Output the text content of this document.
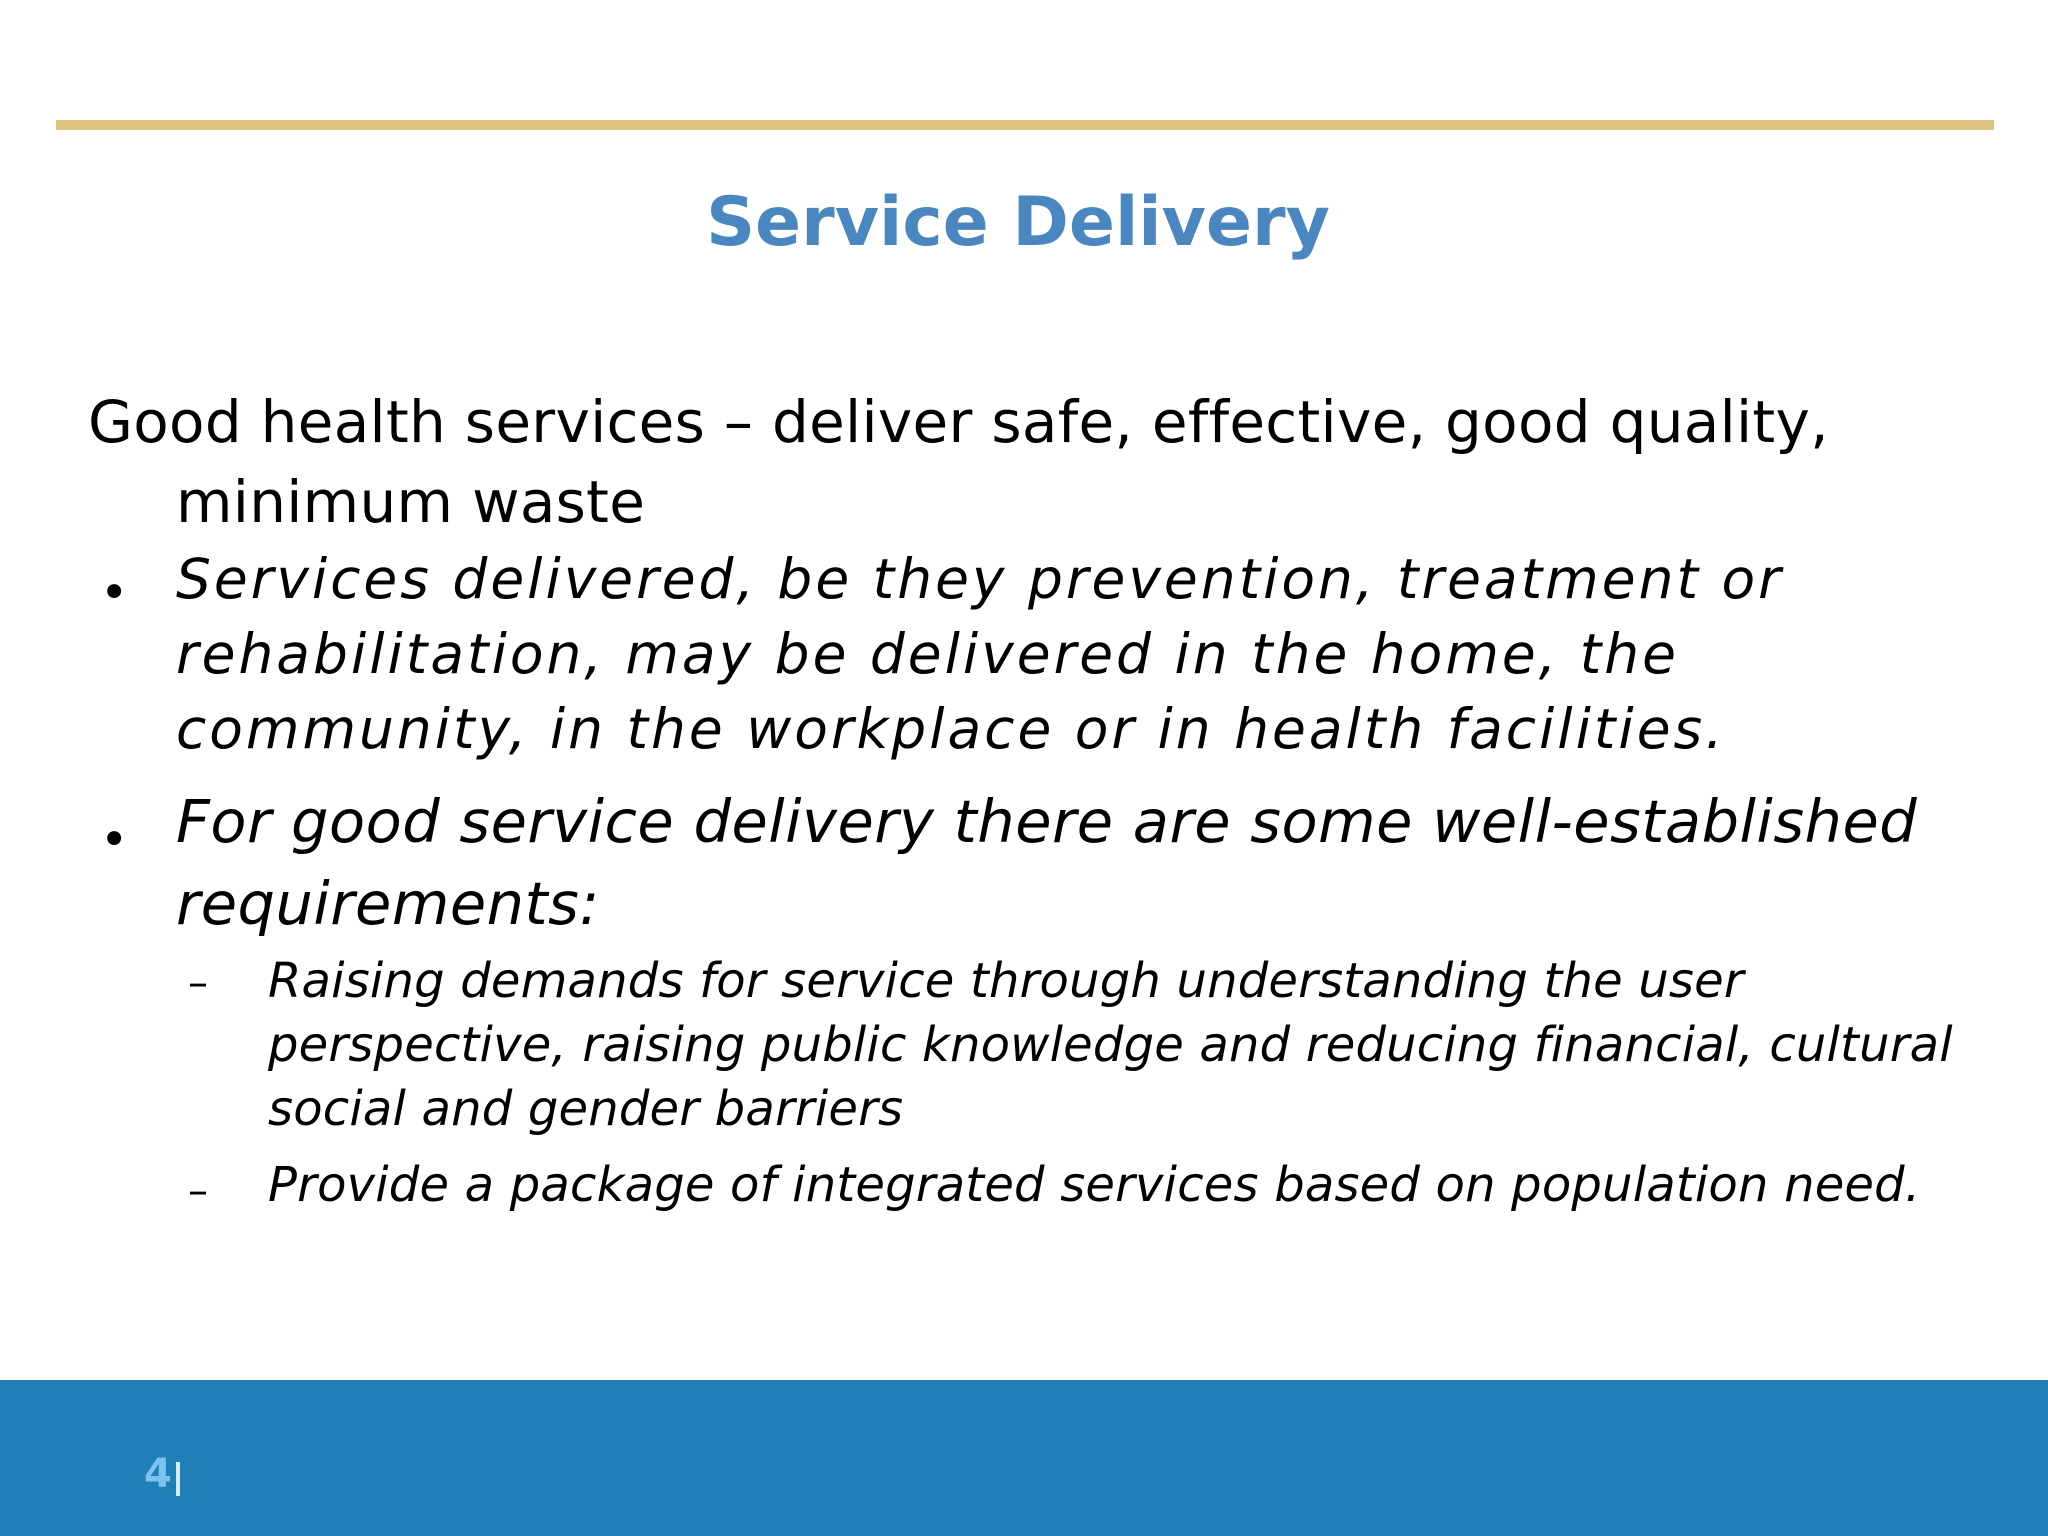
Service Delivery

Good health services – deliver safe, effective, good quality, minimum waste

• Services delivered, be they prevention, treatment or rehabilitation, may be delivered in the home, the community, in the workplace or in health facilities.
• For good service delivery there are some well-established requirements:
– Raising demands for service through understanding the user perspective, raising public knowledge and reducing financial, cultural social and gender barriers
– Provide a package of integrated services based on population need.
4
